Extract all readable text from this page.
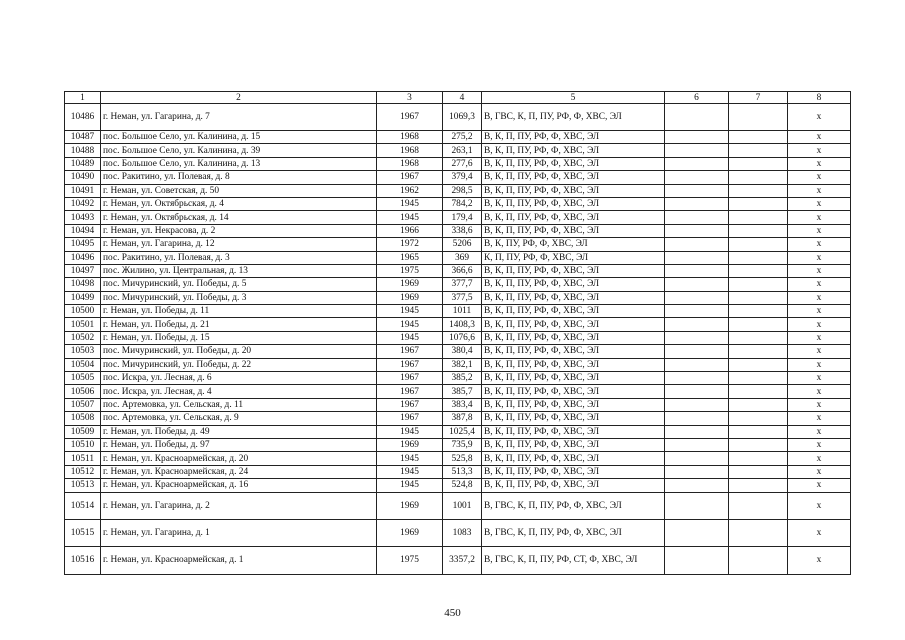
1	2	3	4	5	6	7	8
10486	г. Неман, ул. Гагарина, д. 7	1967	1069,3	В, ГВС, К, П, ПУ, РФ, Ф, ХВС, ЭЛ			x
10487	пос. Большое Село, ул. Калинина, д. 15	1968	275,2	В, К, П, ПУ, РФ, Ф, ХВС, ЭЛ			x
10488	пос. Большое Село, ул. Калинина, д. 39	1968	263,1	В, К, П, ПУ, РФ, Ф, ХВС, ЭЛ			x
10489	пос. Большое Село, ул. Калинина, д. 13	1968	277,6	В, К, П, ПУ, РФ, Ф, ХВС, ЭЛ			x
10490	пос. Ракитино, ул. Полевая, д. 8	1967	379,4	В, К, П, ПУ, РФ, Ф, ХВС, ЭЛ			x
10491	г. Неман, ул. Советская, д. 50	1962	298,5	В, К, П, ПУ, РФ, Ф, ХВС, ЭЛ			x
10492	г. Неман, ул. Октябрьская, д. 4	1945	784,2	В, К, П, ПУ, РФ, Ф, ХВС, ЭЛ			x
10493	г. Неман, ул. Октябрьская, д. 14	1945	179,4	В, К, П, ПУ, РФ, Ф, ХВС, ЭЛ			x
10494	г. Неман, ул. Некрасова, д. 2	1966	338,6	В, К, П, ПУ, РФ, Ф, ХВС, ЭЛ			x
10495	г. Неман, ул. Гагарина, д. 12	1972	5206	В, К, ПУ, РФ, Ф, ХВС, ЭЛ			x
10496	пос. Ракитино, ул. Полевая, д. 3	1965	369	К, П, ПУ, РФ, Ф, ХВС, ЭЛ			x
10497	пос. Жилино, ул. Центральная, д. 13	1975	366,6	В, К, П, ПУ, РФ, Ф, ХВС, ЭЛ			x
10498	пос. Мичуринский, ул. Победы, д. 5	1969	377,7	В, К, П, ПУ, РФ, Ф, ХВС, ЭЛ			x
10499	пос. Мичуринский, ул. Победы, д. 3	1969	377,5	В, К, П, ПУ, РФ, Ф, ХВС, ЭЛ			x
10500	г. Неман, ул. Победы, д. 11	1945	1011	В, К, П, ПУ, РФ, Ф, ХВС, ЭЛ			x
10501	г. Неман, ул. Победы, д. 21	1945	1408,3	В, К, П, ПУ, РФ, Ф, ХВС, ЭЛ			x
10502	г. Неман, ул. Победы, д. 15	1945	1076,6	В, К, П, ПУ, РФ, Ф, ХВС, ЭЛ			x
10503	пос. Мичуринский, ул. Победы, д. 20	1967	380,4	В, К, П, ПУ, РФ, Ф, ХВС, ЭЛ			x
10504	пос. Мичуринский, ул. Победы, д. 22	1967	382,1	В, К, П, ПУ, РФ, Ф, ХВС, ЭЛ			x
10505	пос. Искра, ул. Лесная, д. 6	1967	385,2	В, К, П, ПУ, РФ, Ф, ХВС, ЭЛ			x
10506	пос. Искра, ул. Лесная, д. 4	1967	385,7	В, К, П, ПУ, РФ, Ф, ХВС, ЭЛ			x
10507	пос. Артемовка, ул. Сельская, д. 11	1967	383,4	В, К, П, ПУ, РФ, Ф, ХВС, ЭЛ			x
10508	пос. Артемовка, ул. Сельская, д. 9	1967	387,8	В, К, П, ПУ, РФ, Ф, ХВС, ЭЛ			x
10509	г. Неман, ул. Победы, д. 49	1945	1025,4	В, К, П, ПУ, РФ, Ф, ХВС, ЭЛ			x
10510	г. Неман, ул. Победы, д. 97	1969	735,9	В, К, П, ПУ, РФ, Ф, ХВС, ЭЛ			x
10511	г. Неман, ул. Красноармейская, д. 20	1945	525,8	В, К, П, ПУ, РФ, Ф, ХВС, ЭЛ			x
10512	г. Неман, ул. Красноармейская, д. 24	1945	513,3	В, К, П, ПУ, РФ, Ф, ХВС, ЭЛ			x
10513	г. Неман, ул. Красноармейская, д. 16	1945	524,8	В, К, П, ПУ, РФ, Ф, ХВС, ЭЛ			x
10514	г. Неман, ул. Гагарина, д. 2	1969	1001	В, ГВС, К, П, ПУ, РФ, Ф, ХВС, ЭЛ			x
10515	г. Неман, ул. Гагарина, д. 1	1969	1083	В, ГВС, К, П, ПУ, РФ, Ф, ХВС, ЭЛ			x
10516	г. Неман, ул. Красноармейская, д. 1	1975	3357,2	В, ГВС, К, П, ПУ, РФ, СТ, Ф, ХВС, ЭЛ			x
450
